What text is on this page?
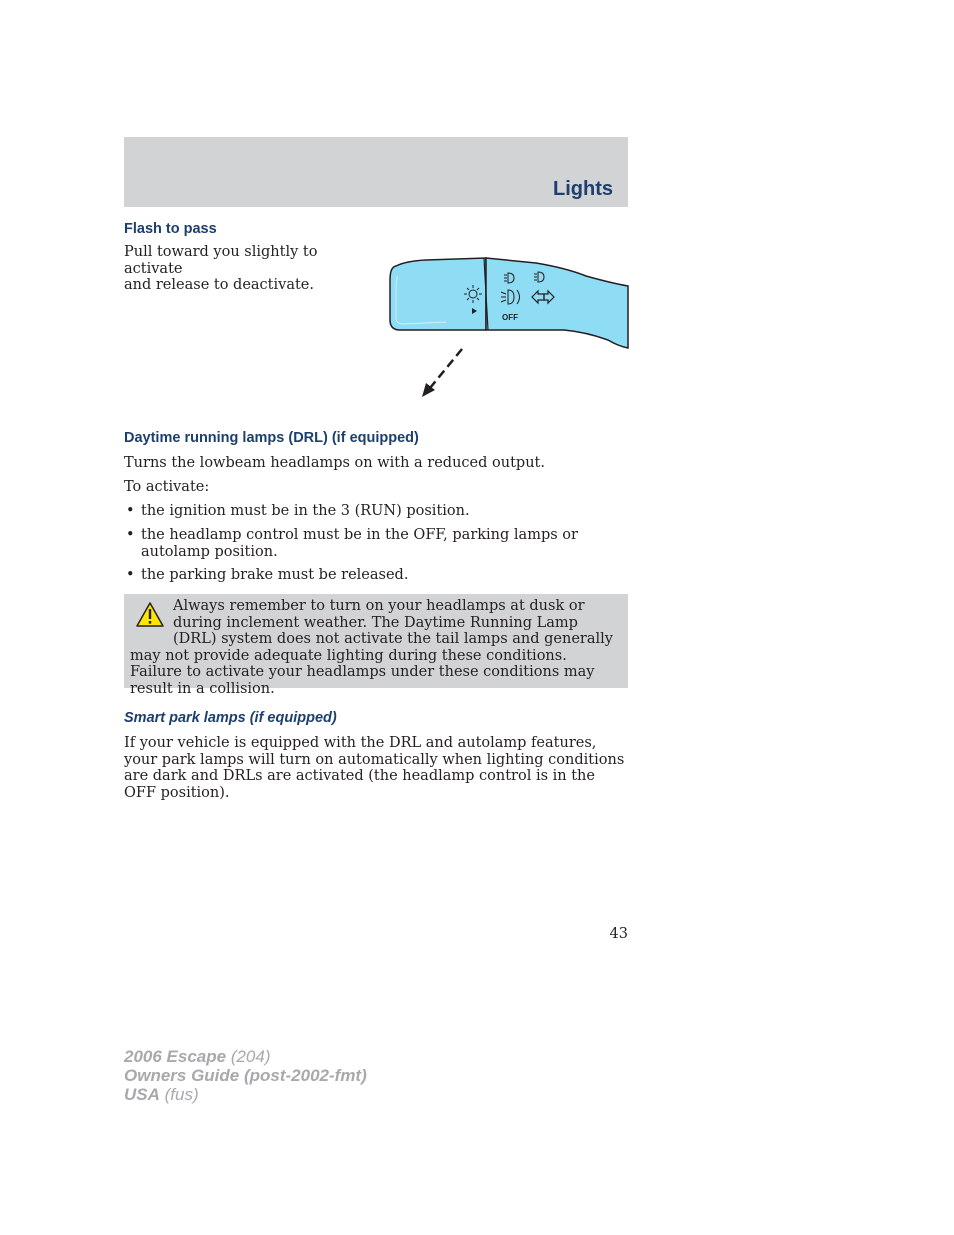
Lights
Flash to pass
Pull toward you slightly to activate
and release to deactivate.
OFF
Daytime running lamps (DRL) (if equipped)

Turns the lowbeam headlamps on with a reduced output.

To activate:

• the ignition must be in the 3 (RUN) position.
• the headlamp control must be in the OFF, parking lamps or autolamp position.
• the parking brake must be released.
Always remember to turn on your headlamps at dusk or during inclement weather. The Daytime Running Lamp (DRL) system does not activate the tail lamps and generally may not provide adequate lighting during these conditions. Failure to activate your headlamps under these conditions may result in a collision.
Smart park lamps (if equipped)

If your vehicle is equipped with the DRL and autolamp features, your park lamps will turn on automatically when lighting conditions are dark and DRLs are activated (the headlamp control is in the OFF position).

43
2006 Escape (204)
Owners Guide (post-2002-fmt)
USA (fus)
